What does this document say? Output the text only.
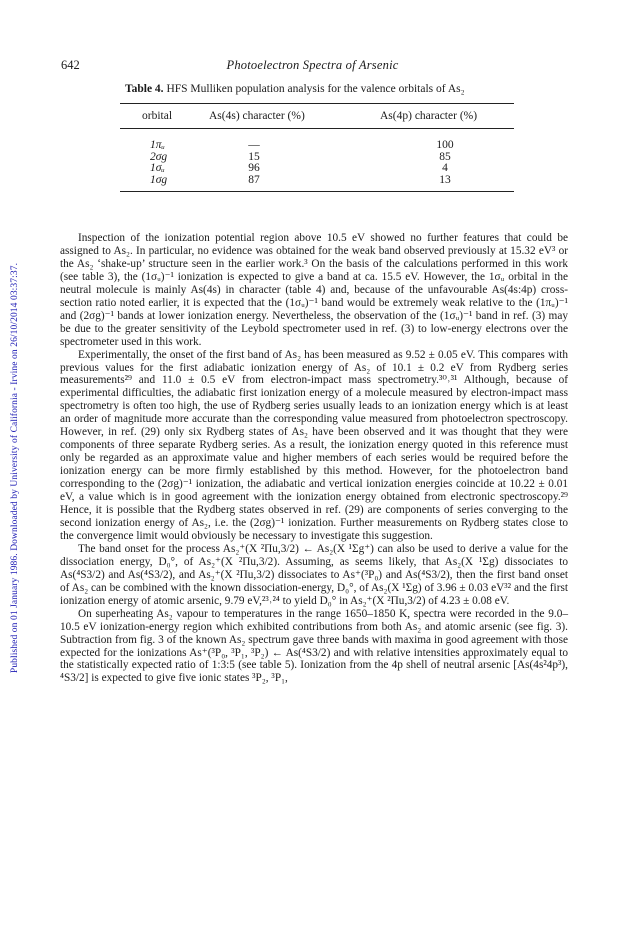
Published on 01 January 1986. Downloaded by University of California - Irvine on 26/10/2014 03:37:37.
642	Photoelectron Spectra of Arsenic
Table 4. HFS Mulliken population analysis for the valence orbitals of As₂
orbital	As(4s) character (%)	As(4p) character (%)
1πᵤ	—	100
2σg	15	85
1σᵤ	96	4
1σg	87	13

Inspection of the ionization potential region above 10.5 eV showed no further features that could be assigned to As₂. In particular, no evidence was obtained for the weak band observed previously at 15.32 eV³ or the As₂ ‘shake-up’ structure seen in the earlier work.³ On the basis of the calculations performed in this work (see table 3), the (1σᵤ)⁻¹ ionization is expected to give a band at ca. 15.5 eV. However, the 1σᵤ orbital in the neutral molecule is mainly As(4s) in character (table 4) and, because of the unfavourable As(4s:4p) cross-section ratio noted earlier, it is expected that the (1σᵤ)⁻¹ band would be extremely weak relative to the (1πᵤ)⁻¹ and (2σg)⁻¹ bands at lower ionization energy. Nevertheless, the observation of the (1σᵤ)⁻¹ band in ref. (3) may be due to the greater sensitivity of the Leybold spectrometer used in ref. (3) to low-energy electrons over the spectrometer used in this work.

Experimentally, the onset of the first band of As₂ has been measured as 9.52 ± 0.05 eV. This compares with previous values for the first adiabatic ionization energy of As₂ of 10.1 ± 0.2 eV from Rydberg series measurements²⁹ and 11.0 ± 0.5 eV from electron-impact mass spectrometry.³⁰˒³¹ Although, because of experimental difficulties, the adiabatic first ionization energy of a molecule measured by electron-impact mass spectrometry is often too high, the use of Rydberg series usually leads to an ionization energy which is at least an order of magnitude more accurate than the corresponding value measured from photoelectron spectroscopy. However, in ref. (29) only six Rydberg states of As₂ have been observed and it was thought that they were components of three separate Rydberg series. As a result, the ionization energy quoted in this reference must only be regarded as an approximate value and higher members of each series would be required before the ionization energy can be more firmly established by this method. However, for the photoelectron band corresponding to the (2σg)⁻¹ ionization, the adiabatic and vertical ionization energies coincide at 10.22 ± 0.01 eV, a value which is in good agreement with the ionization energy obtained from electronic spectroscopy.²⁹ Hence, it is possible that the Rydberg states observed in ref. (29) are components of series converging to the second ionization energy of As₂, i.e. the (2σg)⁻¹ ionization. Further measurements on Rydberg states close to the convergence limit would obviously be necessary to investigate this suggestion.

The band onset for the process As₂⁺(X ²Πu,3/2) ← As₂(X ¹Σg⁺) can also be used to derive a value for the dissociation energy, D₀°, of As₂⁺(X ²Πu,3/2). Assuming, as seems likely, that As₂(X ¹Σg) dissociates to As(⁴S3/2) and As(⁴S3/2), and As₂⁺(X ²Πu,3/2) dissociates to As⁺(³P₀) and As(⁴S3/2), then the first band onset of As₂ can be combined with the known dissociation-energy, D₀°, of As₂(X ¹Σg) of 3.96 ± 0.03 eV³² and the first ionization energy of atomic arsenic, 9.79 eV,²³˒²⁴ to yield D₀° in As₂⁺(X ²Πu,3/2) of 4.23 ± 0.08 eV.

On superheating As₂ vapour to temperatures in the range 1650–1850 K, spectra were recorded in the 9.0–10.5 eV ionization-energy region which exhibited contributions from both As₂ and atomic arsenic (see fig. 3). Subtraction from fig. 3 of the known As₂ spectrum gave three bands with maxima in good agreement with those expected for the ionizations As⁺(³P₀, ³P₁, ³P₂) ← As(⁴S3/2) and with relative intensities approximately equal to the statistically expected ratio of 1:3:5 (see table 5). Ionization from the 4p shell of neutral arsenic [As(4s²4p³), ⁴S3/2] is expected to give five ionic states ³P₂, ³P₁,
